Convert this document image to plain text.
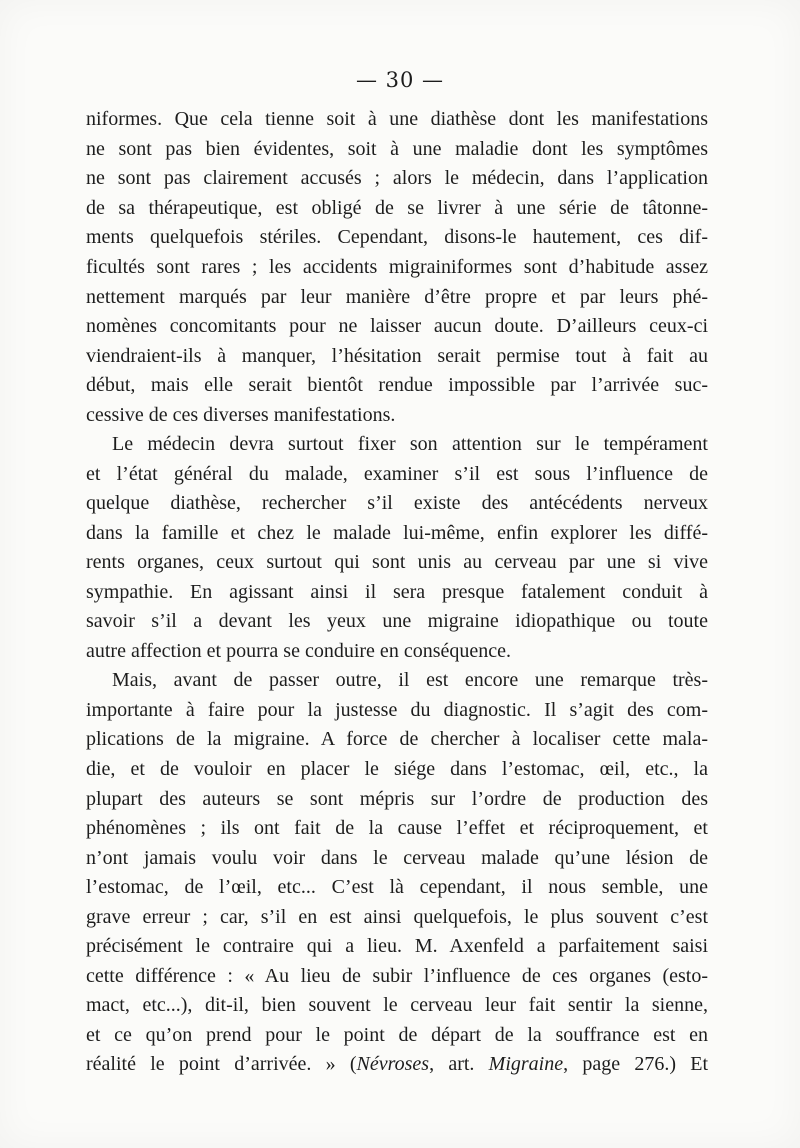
— 30 —
niformes. Que cela tienne soit à une diathèse dont les manifestations
ne sont pas bien évidentes, soit à une maladie dont les symptômes
ne sont pas clairement accusés ; alors le médecin, dans l’application
de sa thérapeutique, est obligé de se livrer à une série de tâtonne-
ments quelquefois stériles. Cependant, disons-le hautement, ces dif-
ficultés sont rares ; les accidents migrainiformes sont d’habitude assez
nettement marqués par leur manière d’être propre et par leurs phé-
nomènes concomitants pour ne laisser aucun doute. D’ailleurs ceux-ci
viendraient-ils à manquer, l’hésitation serait permise tout à fait au
début, mais elle serait bientôt rendue impossible par l’arrivée suc-
cessive de ces diverses manifestations.
Le médecin devra surtout fixer son attention sur le tempérament
et l’état général du malade, examiner s’il est sous l’influence de
quelque diathèse, rechercher s’il existe des antécédents nerveux
dans la famille et chez le malade lui-même, enfin explorer les diffé-
rents organes, ceux surtout qui sont unis au cerveau par une si vive
sympathie. En agissant ainsi il sera presque fatalement conduit à
savoir s’il a devant les yeux une migraine idiopathique ou toute
autre affection et pourra se conduire en conséquence.
Mais, avant de passer outre, il est encore une remarque très-
importante à faire pour la justesse du diagnostic. Il s’agit des com-
plications de la migraine. A force de chercher à localiser cette mala-
die, et de vouloir en placer le siége dans l’estomac, œil, etc., la
plupart des auteurs se sont mépris sur l’ordre de production des
phénomènes ; ils ont fait de la cause l’effet et réciproquement, et
n’ont jamais voulu voir dans le cerveau malade qu’une lésion de
l’estomac, de l’œil, etc... C’est là cependant, il nous semble, une
grave erreur ; car, s’il en est ainsi quelquefois, le plus souvent c’est
précisément le contraire qui a lieu. M. Axenfeld a parfaitement saisi
cette différence : « Au lieu de subir l’influence de ces organes (esto-
mact, etc...), dit-il, bien souvent le cerveau leur fait sentir la sienne,
et ce qu’on prend pour le point de départ de la souffrance est en
réalité le point d’arrivée. » (Névroses, art. Migraine, page 276.) Et
